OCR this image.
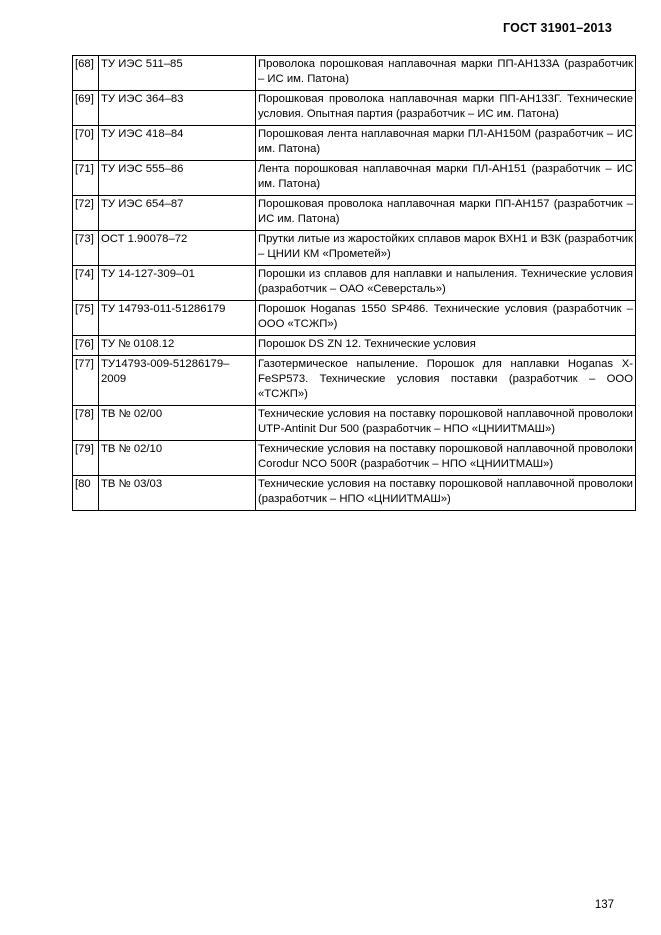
ГОСТ 31901–2013
[68]	ТУ ИЭС 511–85	Проволока порошковая наплавочная марки ПП-АН133А (разработчик – ИС им. Патона)
[69]	ТУ ИЭС 364–83	Порошковая проволока наплавочная марки ПП-АН133Г. Технические условия. Опытная партия (разработчик – ИС им. Патона)
[70]	ТУ ИЭС 418–84	Порошковая лента наплавочная марки ПЛ-АН150М (разработчик – ИС им. Патона)
[71]	ТУ ИЭС 555–86	Лента порошковая наплавочная марки ПЛ-АН151 (разработчик – ИС им. Патона)
[72]	ТУ ИЭС 654–87	Порошковая проволока наплавочная марки ПП-АН157 (разработчик – ИС им. Патона)
[73]	ОСТ 1.90078–72	Прутки литые из жаростойких сплавов марок ВХН1 и ВЗК (разработчик – ЦНИИ КМ «Прометей»)
[74]	ТУ 14-127-309–01	Порошки из сплавов для наплавки и напыления. Технические условия (разработчик – ОАО «Северсталь»)
[75]	ТУ 14793-011-51286179	Порошок Hoganas 1550 SP486. Технические условия (разработчик – ООО «ТСЖП»)
[76]	ТУ № 0108.12	Порошок DS ZN 12. Технические условия
[77]	ТУ14793-009-51286179–2009	Газотермическое напыление. Порошок для наплавки Hoganas X-FeSP573. Технические условия поставки (разработчик – ООО «ТСЖП»)
[78]	ТВ № 02/00	Технические условия на поставку порошковой наплавочной проволоки UTP-Antinit Dur 500 (разработчик – НПО «ЦНИИТМАШ»)
[79]	ТВ № 02/10	Технические условия на поставку порошковой наплавочной проволоки Corodur NCO 500R (разработчик – НПО «ЦНИИТМАШ»)
[80	ТВ № 03/03	Технические условия на поставку порошковой наплавочной проволоки (разработчик – НПО «ЦНИИТМАШ»)
137
